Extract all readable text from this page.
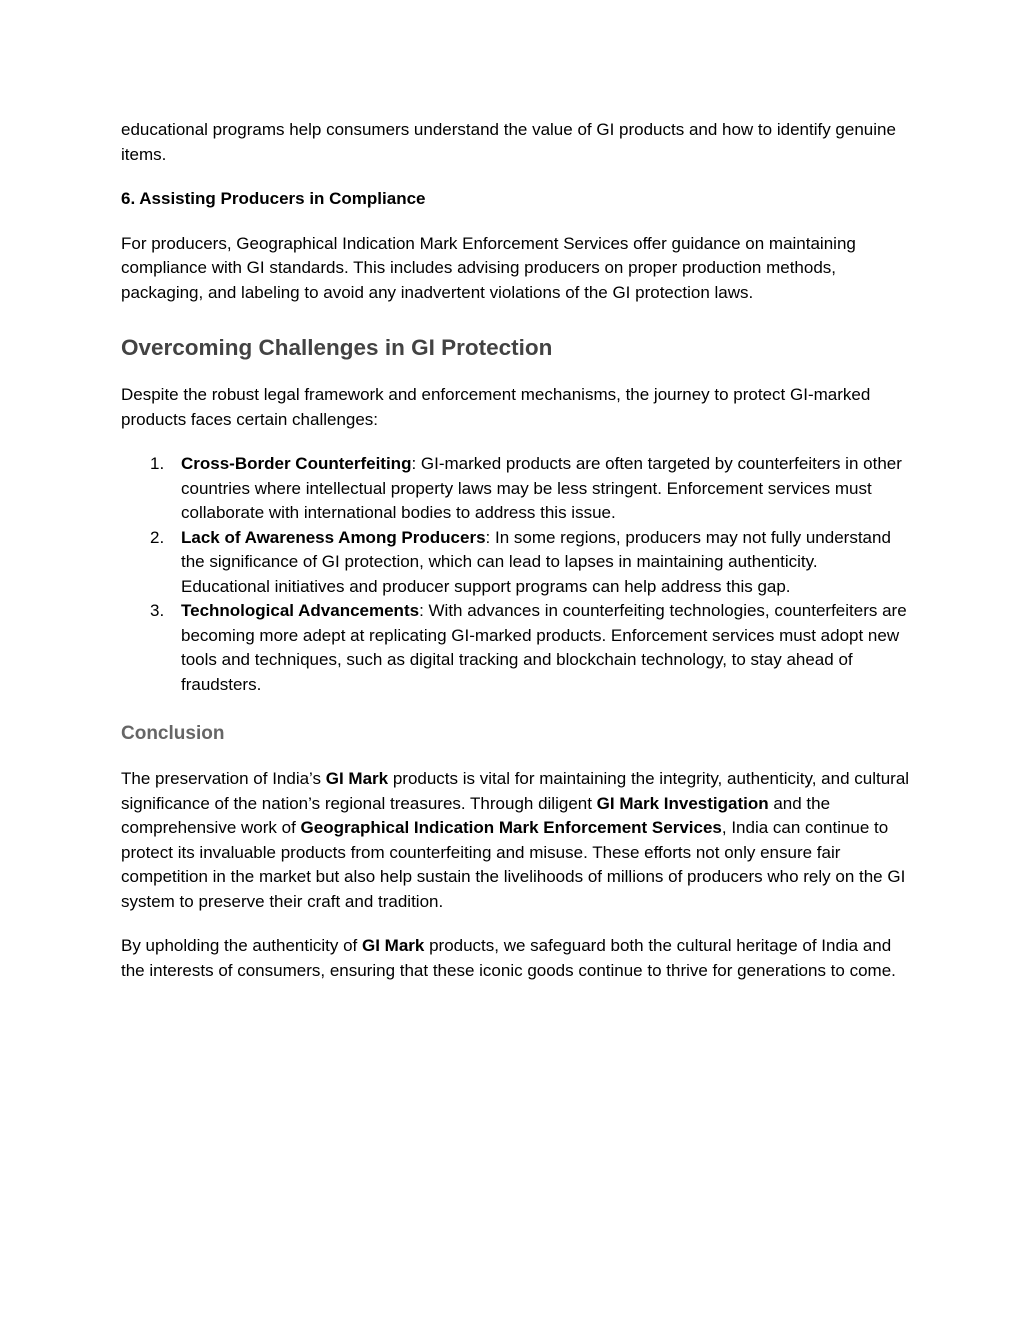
educational programs help consumers understand the value of GI products and how to identify genuine items.

6. Assisting Producers in Compliance

For producers, Geographical Indication Mark Enforcement Services offer guidance on maintaining compliance with GI standards. This includes advising producers on proper production methods, packaging, and labeling to avoid any inadvertent violations of the GI protection laws.

Overcoming Challenges in GI Protection

Despite the robust legal framework and enforcement mechanisms, the journey to protect GI-marked products faces certain challenges:

1. Cross-Border Counterfeiting: GI-marked products are often targeted by counterfeiters in other countries where intellectual property laws may be less stringent. Enforcement services must collaborate with international bodies to address this issue.
2. Lack of Awareness Among Producers: In some regions, producers may not fully understand the significance of GI protection, which can lead to lapses in maintaining authenticity. Educational initiatives and producer support programs can help address this gap.
3. Technological Advancements: With advances in counterfeiting technologies, counterfeiters are becoming more adept at replicating GI-marked products. Enforcement services must adopt new tools and techniques, such as digital tracking and blockchain technology, to stay ahead of fraudsters.
Conclusion

The preservation of India’s GI Mark products is vital for maintaining the integrity, authenticity, and cultural significance of the nation’s regional treasures. Through diligent GI Mark Investigation and the comprehensive work of Geographical Indication Mark Enforcement Services, India can continue to protect its invaluable products from counterfeiting and misuse. These efforts not only ensure fair competition in the market but also help sustain the livelihoods of millions of producers who rely on the GI system to preserve their craft and tradition.

By upholding the authenticity of GI Mark products, we safeguard both the cultural heritage of India and the interests of consumers, ensuring that these iconic goods continue to thrive for generations to come.
